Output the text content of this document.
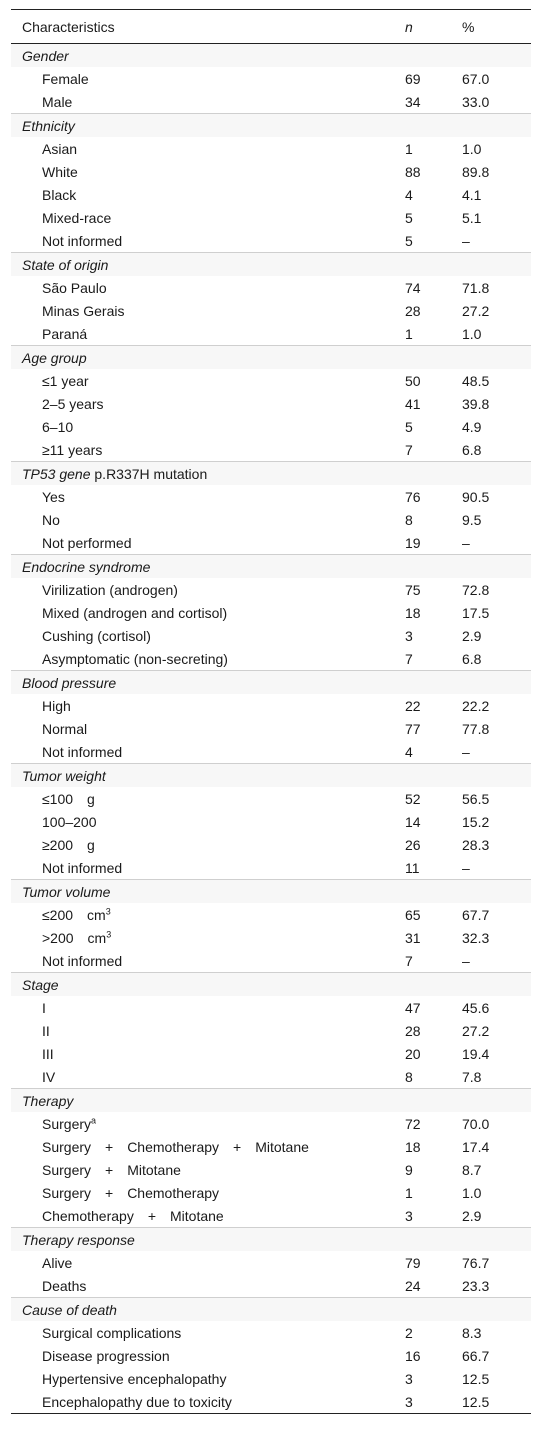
Characteristics	n	%
Gender		
Female	69	67.0
Male	34	33.0
Ethnicity		
Asian	1	1.0
White	88	89.8
Black	4	4.1
Mixed-race	5	5.1
Not informed	5	–
State of origin		
São Paulo	74	71.8
Minas Gerais	28	27.2
Paraná	1	1.0
Age group		
≤1 year	50	48.5
2–5 years	41	39.8
6–10	5	4.9
≥11 years	7	6.8
TP53 gene p.R337H mutation		
Yes	76	90.5
No	8	9.5
Not performed	19	–
Endocrine syndrome		
Virilization (androgen)	75	72.8
Mixed (androgen and cortisol)	18	17.5
Cushing (cortisol)	3	2.9
Asymptomatic (non-secreting)	7	6.8
Blood pressure		
High	22	22.2
Normal	77	77.8
Not informed	4	–
Tumor weight		
≤100 g	52	56.5
100–200	14	15.2
≥200 g	26	28.3
Not informed	11	–
Tumor volume		
≤200 $cm^3$	65	67.7
>200 $cm^3$	31	32.3
Not informed	7	–
Stage		
I	47	45.6
II	28	27.2
III	20	19.4
IV	8	7.8
Therapy		
Surgery$^a$	72	70.0
Surgery + Chemotherapy + Mitotane	18	17.4
Surgery + Mitotane	9	8.7
Surgery + Chemotherapy	1	1.0
Chemotherapy + Mitotane	3	2.9
Therapy response		
Alive	79	76.7
Deaths	24	23.3
Cause of death		
Surgical complications	2	8.3
Disease progression	16	66.7
Hypertensive encephalopathy	3	12.5
Encephalopathy due to toxicity	3	12.5
